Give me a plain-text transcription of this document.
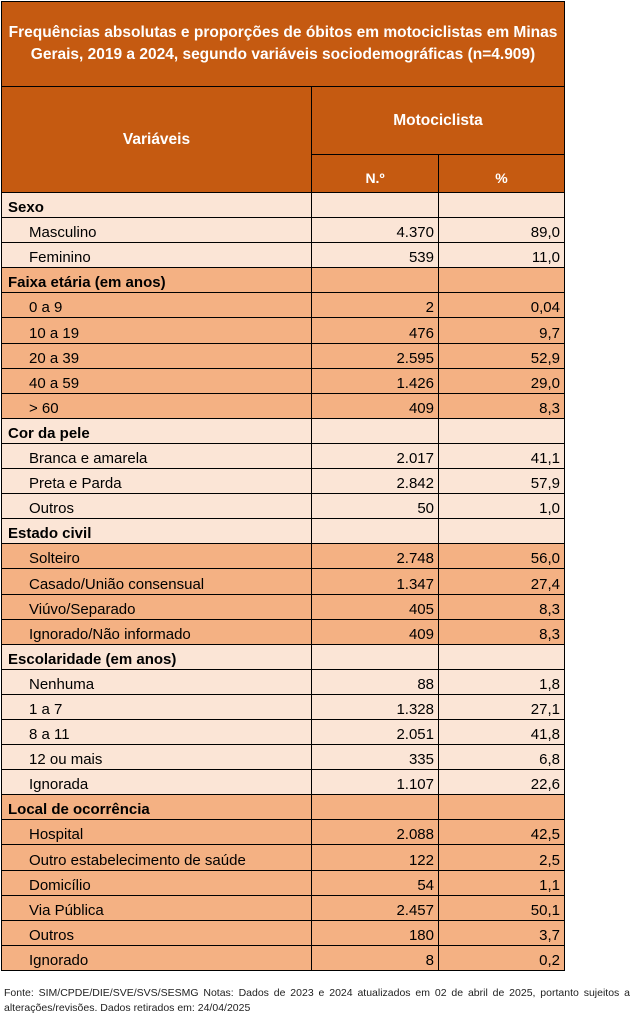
Frequências absolutas e proporções de óbitos em motociclistas em Minas Gerais, 2019 a 2024, segundo variáveis sociodemográficas (n=4.909)		
Variáveis	Motociclista	
	N.º	%
Sexo		
Masculino	4.370	89,0
Feminino	539	11,0
Faixa etária (em anos)		
0 a 9	2	0,04
10 a 19	476	9,7
20 a 39	2.595	52,9
40 a 59	1.426	29,0
> 60	409	8,3
Cor da pele		
Branca e amarela	2.017	41,1
Preta e Parda	2.842	57,9
Outros	50	1,0
Estado civil		
Solteiro	2.748	56,0
Casado/União consensual	1.347	27,4
Viúvo/Separado	405	8,3
Ignorado/Não informado	409	8,3
Escolaridade (em anos)		
Nenhuma	88	1,8
1 a 7	1.328	27,1
8 a 11	2.051	41,8
12 ou mais	335	6,8
Ignorada	1.107	22,6
Local de ocorrência		
Hospital	2.088	42,5
Outro estabelecimento de saúde	122	2,5
Domicílio	54	1,1
Via Pública	2.457	50,1
Outros	180	3,7
Ignorado	8	0,2
Fonte: SIM/CPDE/DIE/SVE/SVS/SESMG Notas: Dados de 2023 e 2024 atualizados em 02 de abril de 2025, portanto sujeitos a alterações/revisões. Dados retirados em: 24/04/2025
